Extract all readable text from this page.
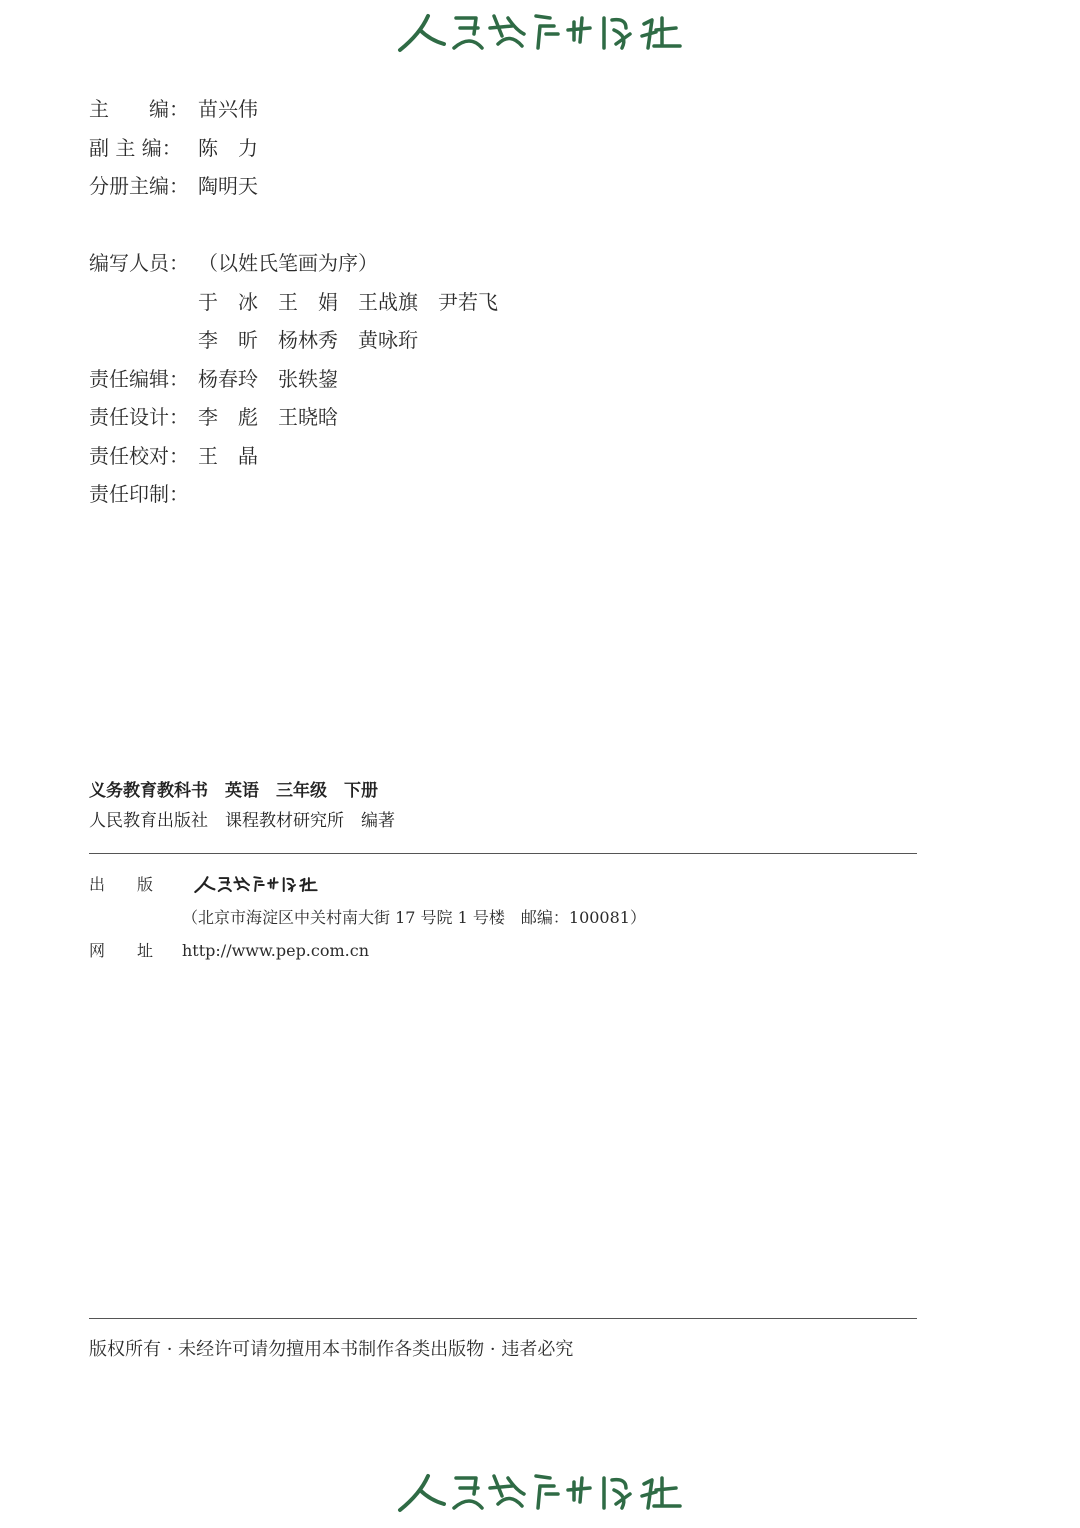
主　　编： 苗兴伟
副 主 编： 陈　力
分册主编： 陶明天
编写人员： （以姓氏笔画为序）
于　冰　王　娟　王战旗　尹若飞
李　昕　杨林秀　黄咏珩
责任编辑： 杨春玲　张轶鋆
责任设计： 李　彪　王晓晗
责任校对： 王　晶
责任印制：
义务教育教科书　英语　三年级　下册
人民教育出版社　课程教材研究所　编著
出　　版
（北京市海淀区中关村南大街 17 号院 1 号楼　邮编：100081）
网　　址	http://www.pep.com.cn
版权所有 · 未经许可请勿擅用本书制作各类出版物 · 违者必究
